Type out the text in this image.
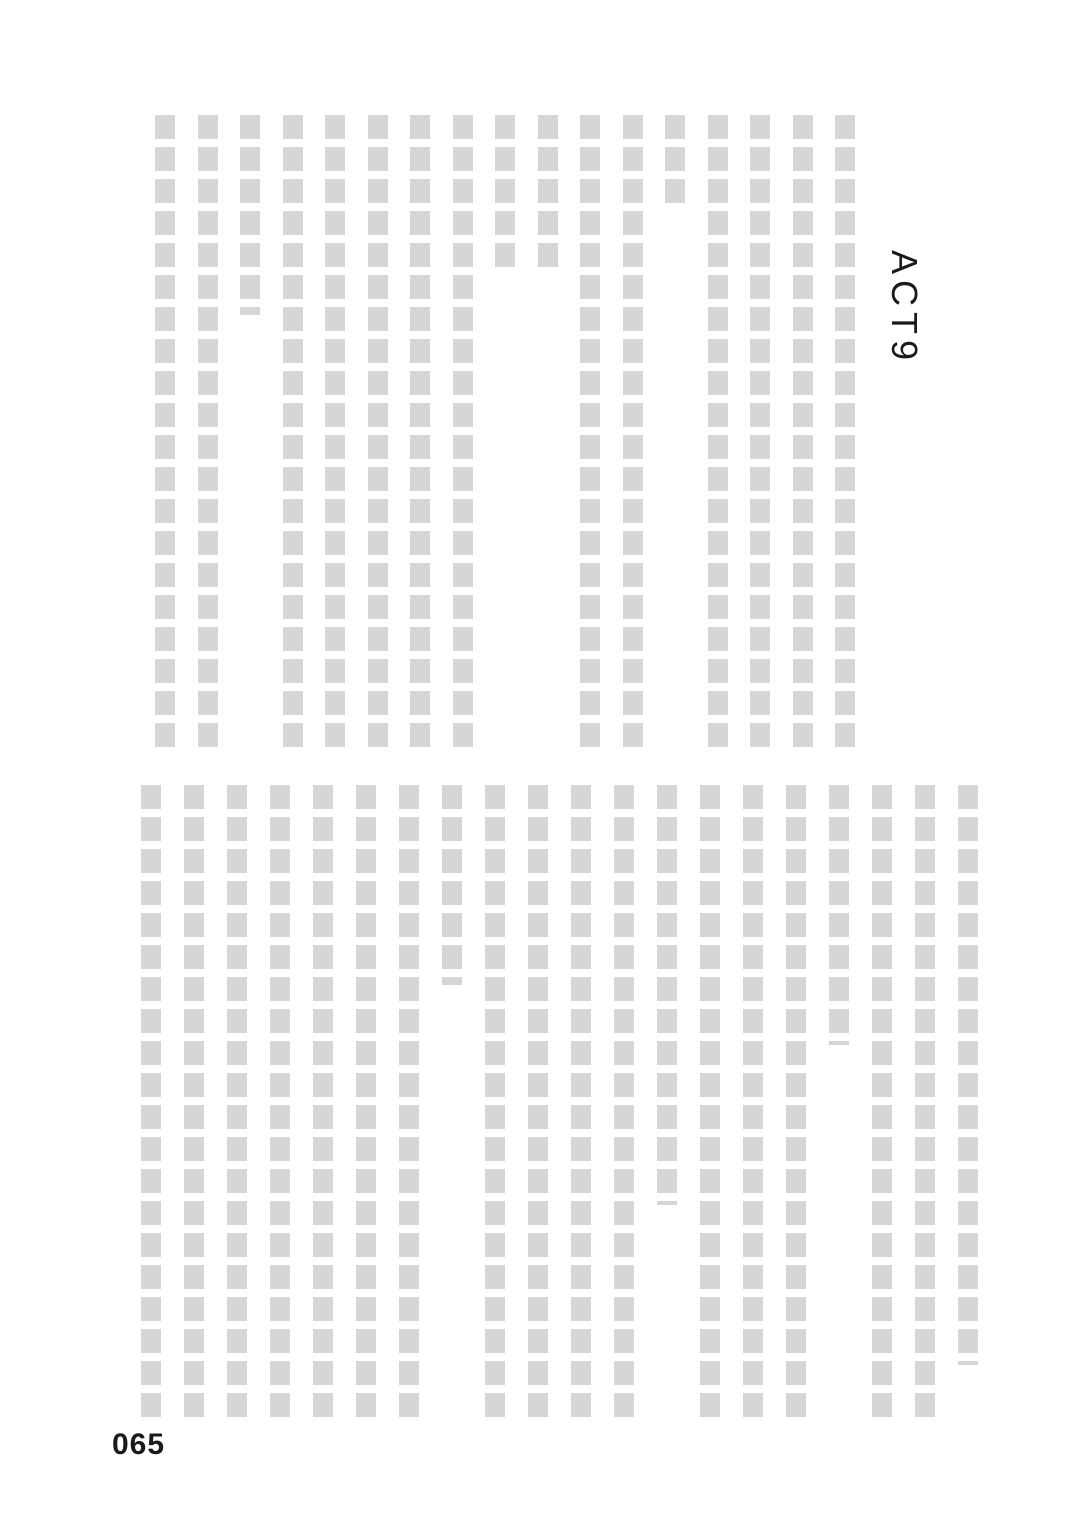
ACT9
065
